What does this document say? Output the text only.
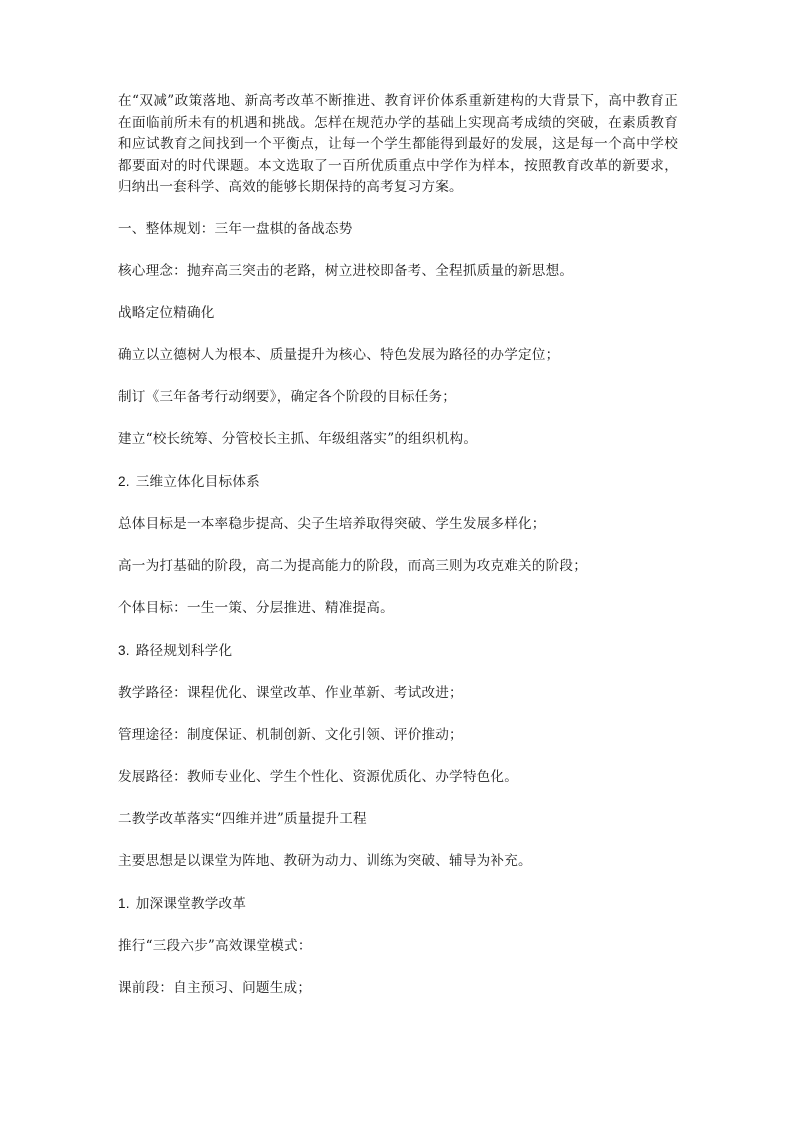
在“双减”政策落地、新高考改革不断推进、教育评价体系重新建构的大背景下，高中教育正在面临前所未有的机遇和挑战。怎样在规范办学的基础上实现高考成绩的突破，在素质教育和应试教育之间找到一个平衡点，让每一个学生都能得到最好的发展，这是每一个高中学校都要面对的时代课题。本文选取了一百所优质重点中学作为样本，按照教育改革的新要求，归纳出一套科学、高效的能够长期保持的高考复习方案。

一、整体规划：三年一盘棋的备战态势

核心理念：抛弃高三突击的老路，树立进校即备考、全程抓质量的新思想。

战略定位精确化

确立以立德树人为根本、质量提升为核心、特色发展为路径的办学定位；

制订《三年备考行动纲要》，确定各个阶段的目标任务；

建立“校长统筹、分管校长主抓、年级组落实”的组织机构。

2. 三维立体化目标体系

总体目标是一本率稳步提高、尖子生培养取得突破、学生发展多样化；

高一为打基础的阶段，高二为提高能力的阶段，而高三则为攻克难关的阶段；

个体目标：一生一策、分层推进、精准提高。

3. 路径规划科学化

教学路径：课程优化、课堂改革、作业革新、考试改进；

管理途径：制度保证、机制创新、文化引领、评价推动；

发展路径：教师专业化、学生个性化、资源优质化、办学特色化。

二教学改革落实“四维并进”质量提升工程

主要思想是以课堂为阵地、教研为动力、训练为突破、辅导为补充。

1. 加深课堂教学改革

推行“三段六步”高效课堂模式：

课前段：自主预习、问题生成；
